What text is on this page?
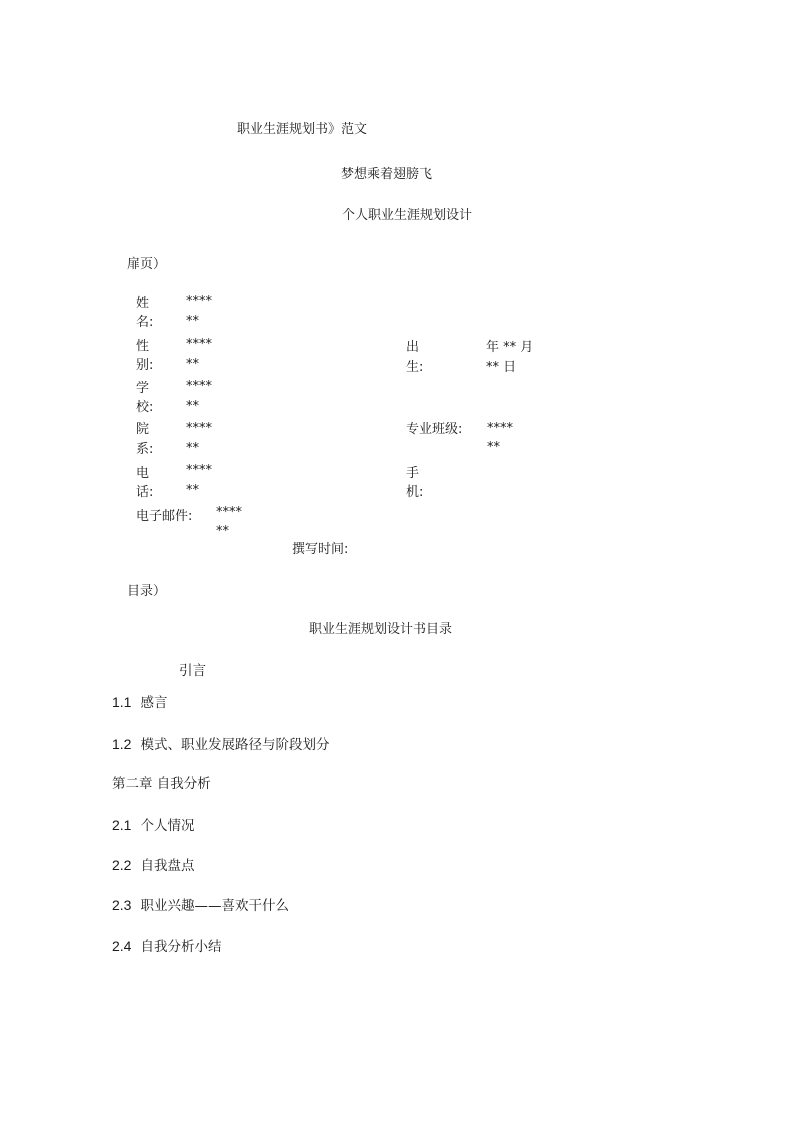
职业生涯规划书》范文
梦想乘着翅膀飞
个人职业生涯规划设计
扉页）
姓
名:
****
**
性
别:
****
**
出
生:
年 ** 月
** 日
学
校:
****
**
院
系:
****
**
专业班级: ****
**
电
话:
****
**
手
机:
电子邮件: ****
**
撰写时间:
目录）
职业生涯规划设计书目录
引言
1.1 感言
1.2 模式、职业发展路径与阶段划分
第二章 自我分析
2.1 个人情况
2.2 自我盘点
2.3 职业兴趣——喜欢干什么
2.4 自我分析小结
